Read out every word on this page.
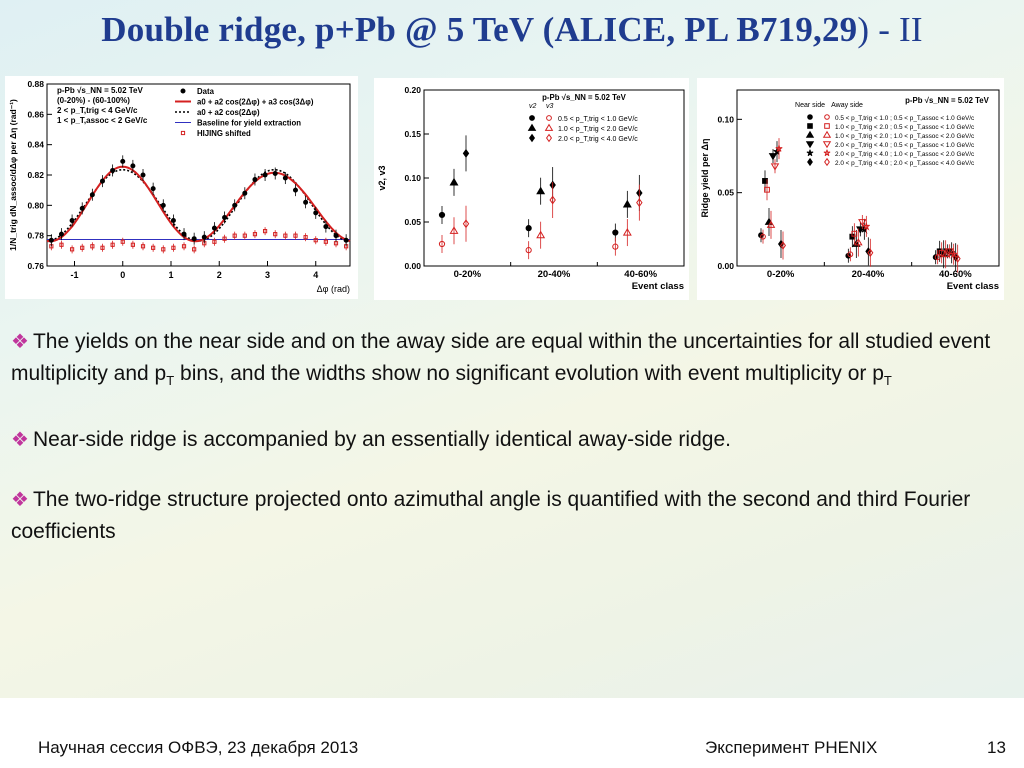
Double ridge, p+Pb @ 5 TeV (ALICE, PL B719,29) - II
-1	0	1	2	3	4
0.76
0.78
0.80
0.82
0.84
0.86
0.88
Δφ (rad)
1/N_trig dN_assoc/dΔφ per Δη (rad⁻¹)
p-Pb √s_NN = 5.02 TeV
(0-20%) - (60-100%)
2 < p_T,trig < 4 GeV/c
1 < p_T,assoc < 2 GeV/c
Data
a0 + a2 cos(2Δφ) + a3 cos(3Δφ)
a0 + a2 cos(2Δφ)
Baseline for yield extraction
HIJING shifted
0.00
0.05
0.10
0.15
0.20
0-20%	20-40%	40-60%
Event class
v2, v3
p-Pb √s_NN = 5.02 TeV
v2 v3
0.5 < p_T,trig < 1.0 GeV/c
1.0 < p_T,trig < 2.0 GeV/c
2.0 < p_T,trig < 4.0 GeV/c
0.00
0.05
0.10
0-20%	20-40%	40-60%
Event class
Ridge yield per Δη
p-Pb √s_NN = 5.02 TeV
Near side Away side
0.5 < p_T,trig < 1.0 ; 0.5 < p_T,assoc < 1.0 GeV/c
1.0 < p_T,trig < 2.0 ; 0.5 < p_T,assoc < 1.0 GeV/c
1.0 < p_T,trig < 2.0 ; 1.0 < p_T,assoc < 2.0 GeV/c
2.0 < p_T,trig < 4.0 ; 0.5 < p_T,assoc < 1.0 GeV/c
2.0 < p_T,trig < 4.0 ; 1.0 < p_T,assoc < 2.0 GeV/c
2.0 < p_T,trig < 4.0 ; 2.0 < p_T,assoc < 4.0 GeV/c

❖ The yields on the near side and on the away side are equal within the uncertainties for all studied event multiplicity and $p_T$ bins, and the widths show no significant evolution with event multiplicity or $p_T$

❖ Near-side ridge is accompanied by an essentially identical away-side ridge.

❖ The two-ridge structure projected onto azimuthal angle is quantified with the second and third Fourier coefficients

Научная сессия ОФВЭ, 23 декабря 2013	Эксперимент PHENIX	13
